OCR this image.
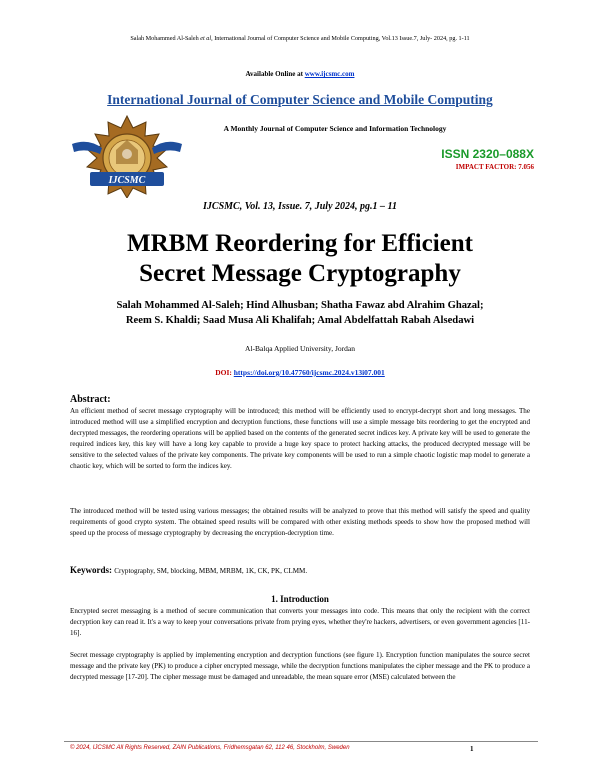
Salah Mohammed Al-Saleh et al, International Journal of Computer Science and Mobile Computing, Vol.13 Issue.7, July- 2024, pg. 1-11
Available Online at www.ijcsmc.com
International Journal of Computer Science and Mobile Computing
IJCSMC
A Monthly Journal of Computer Science and Information Technology
ISSN 2320–088X
IMPACT FACTOR: 7.056
IJCSMC, Vol. 13, Issue. 7, July 2024, pg.1 – 11
MRBM Reordering for Efficient
Secret Message Cryptography
Salah Mohammed Al-Saleh; Hind Alhusban; Shatha Fawaz abd Alrahim Ghazal;
Reem S. Khaldi; Saad Musa Ali Khalifah; Amal Abdelfattah Rabah Alsedawi
Al-Balqa Applied University, Jordan
DOI: https://doi.org/10.47760/ijcsmc.2024.v13i07.001
Abstract:
An efficient method of secret message cryptography will be introduced; this method will be efficiently used to encrypt-decrypt short and long messages. The introduced method will use a simplified encryption and decryption functions, these functions will use a simple message bits reordering to get the encrypted and decrypted messages, the reordering operations will be applied based on the contents of the generated secret indices key. A private key will be used to generate the required indices key, this key will have a long key capable to provide a huge key space to protect hacking attacks, the produced decrypted message will be sensitive to the selected values of the private key components. The private key components will be used to run a simple chaotic logistic map model to generate a chaotic key, which will be sorted to form the indices key.
The introduced method will be tested using various messages; the obtained results will be analyzed to prove that this method will satisfy the speed and quality requirements of good crypto system. The obtained speed results will be compared with other existing methods speeds to show how the proposed method will speed up the process of message cryptography by decreasing the encryption-decryption time.
Keywords: Cryptography, SM, blocking, MBM, MRBM, 1K, CK, PK, CLMM.
1. Introduction
Encrypted secret messaging is a method of secure communication that converts your messages into code. This means that only the recipient with the correct decryption key can read it. It's a way to keep your conversations private from prying eyes, whether they're hackers, advertisers, or even government agencies [11-16].
Secret message cryptography is applied by implementing encryption and decryption functions (see figure 1). Encryption function manipulates the source secret message and the private key (PK) to produce a cipher encrypted message, while the decryption functions manipulates the cipher message and the PK to produce a decrypted message [17-20]. The cipher message must be damaged and unreadable, the mean square error (MSE) calculated between the
© 2024, IJCSMC All Rights Reserved, ZAIN Publications, Fridhemsgatan 62, 112 46, Stockholm, Sweden	1
